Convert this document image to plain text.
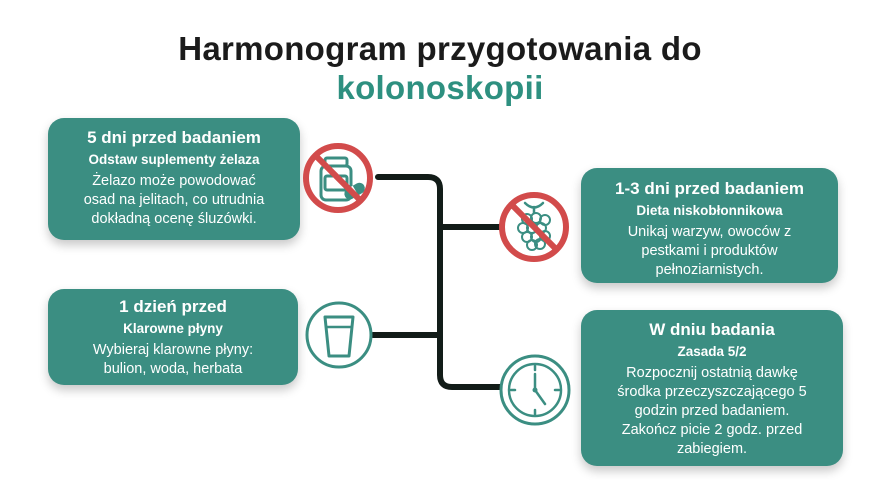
Harmonogram przygotowania do
kolonoskopii
5 dni przed badaniem
Odstaw suplementy żelaza
Żelazo może powodować
osad na jelitach, co utrudnia
dokładną ocenę śluzówki.
1 dzień przed
Klarowne płyny
Wybieraj klarowne płyny:
bulion, woda, herbata
1-3 dni przed badaniem
Dieta niskobłonnikowa
Unikaj warzyw, owoców z
pestkami i produktów
pełnoziarnistych.
W dniu badania
Zasada 5/2
Rozpocznij ostatnią dawkę
środka przeczyszczającego 5
godzin przed badaniem.
Zakończ picie 2 godz. przed
zabiegiem.
